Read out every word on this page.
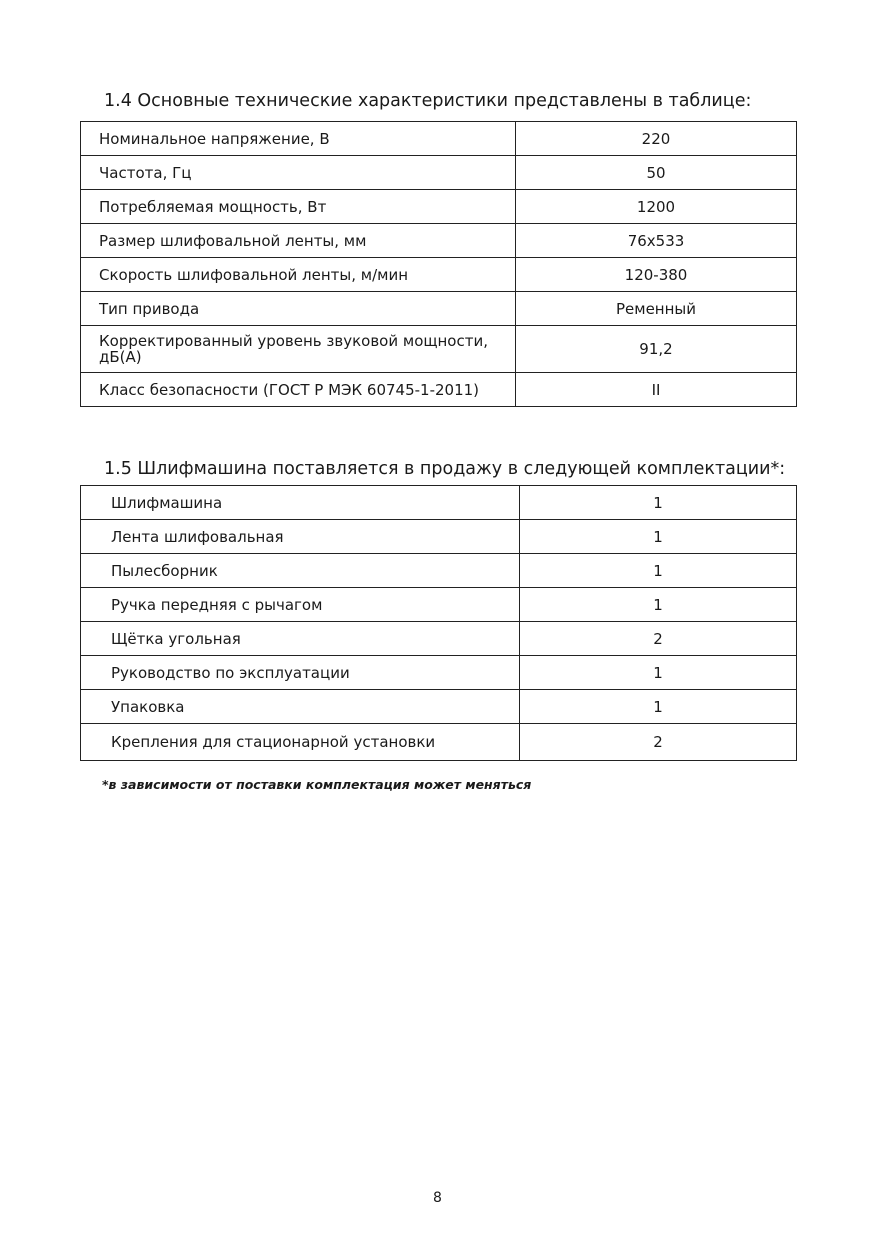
1.4 Основные технические характеристики представлены в таблице:
Номинальное напряжение, В	220
Частота, Гц	50
Потребляемая мощность, Вт	1200
Размер шлифовальной ленты, мм	76x533
Скорость шлифовальной ленты, м/мин	120-380
Тип привода	Ременный
Корректированный уровень звуковой мощности, дБ(А)	91,2
Класс безопасности (ГОСТ Р МЭК 60745-1-2011)	II
1.5 Шлифмашина поставляется в продажу в следующей комплектации*:
Шлифмашина	1
Лента шлифовальная	1
Пылесборник	1
Ручка передняя с рычагом	1
Щётка угольная	2
Руководство по эксплуатации	1
Упаковка	1
Крепления для стационарной установки	2
*в зависимости от поставки комплектация может меняться
8
